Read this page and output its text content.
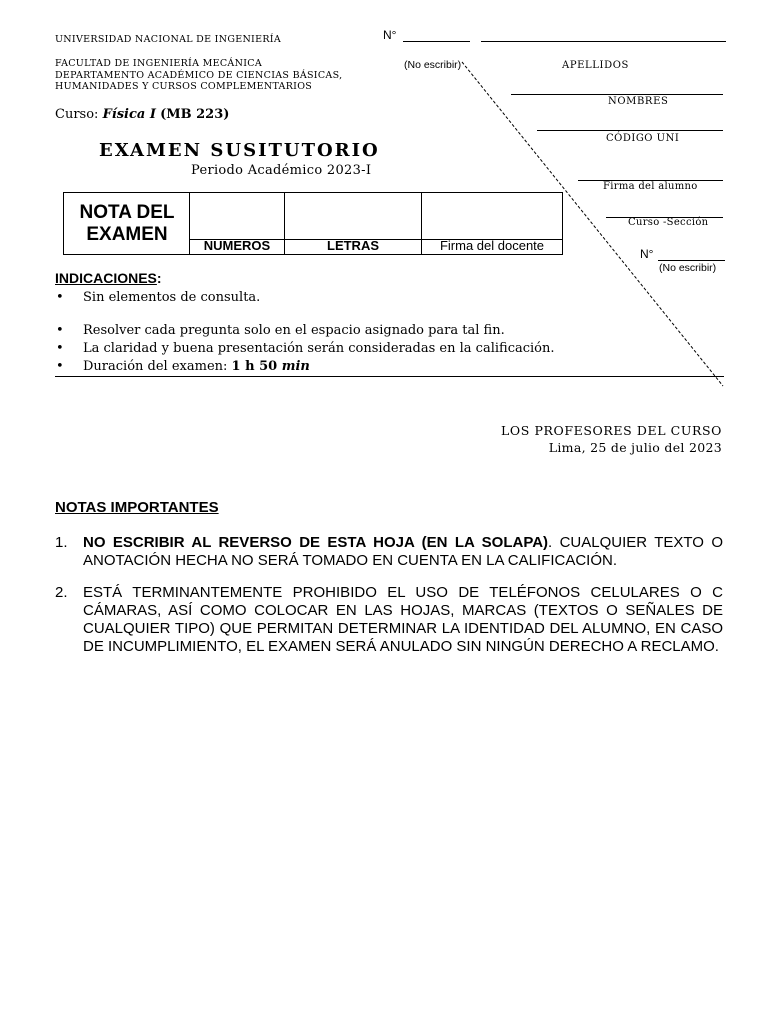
UNIVERSIDAD NACIONAL DE INGENIERÍA
FACULTAD DE INGENIERÍA MECÁNICA
DEPARTAMENTO ACADÉMICO DE CIENCIAS BÁSICAS,
HUMANIDADES Y CURSOS COMPLEMENTARIOS
Curso: Física I (MB 223)
EXAMEN SUSITUTORIO
Periodo Académico 2023-I
NOTA DEL
EXAMEN
NUMEROS	LETRAS	Firma del docente
N°
(No escribir)	APELLIDOS
NOMBRES
CÓDIGO UNI
Firma del alumno
Curso -Sección
N°
(No escribir)
INDICACIONES:
• Sin elementos de consulta.
• Resolver cada pregunta solo en el espacio asignado para tal fin.
• La claridad y buena presentación serán consideradas en la calificación.
• Duración del examen: 1 h 50 min
LOS PROFESORES DEL CURSO
Lima, 25 de julio del 2023
NOTAS IMPORTANTES
1. NO ESCRIBIR AL REVERSO DE ESTA HOJA (EN LA SOLAPA). CUALQUIER TEXTO O ANOTACIÓN HECHA NO SERÁ TOMADO EN CUENTA EN LA CALIFICACIÓN.
2. ESTÁ TERMINANTEMENTE PROHIBIDO EL USO DE TELÉFONOS CELULARES O C CÁMARAS, ASÍ COMO COLOCAR EN LAS HOJAS, MARCAS (TEXTOS O SEÑALES DE CUALQUIER TIPO) QUE PERMITAN DETERMINAR LA IDENTIDAD DEL ALUMNO, EN CASO DE INCUMPLIMIENTO, EL EXAMEN SERÁ ANULADO SIN NINGÚN DERECHO A RECLAMO.
